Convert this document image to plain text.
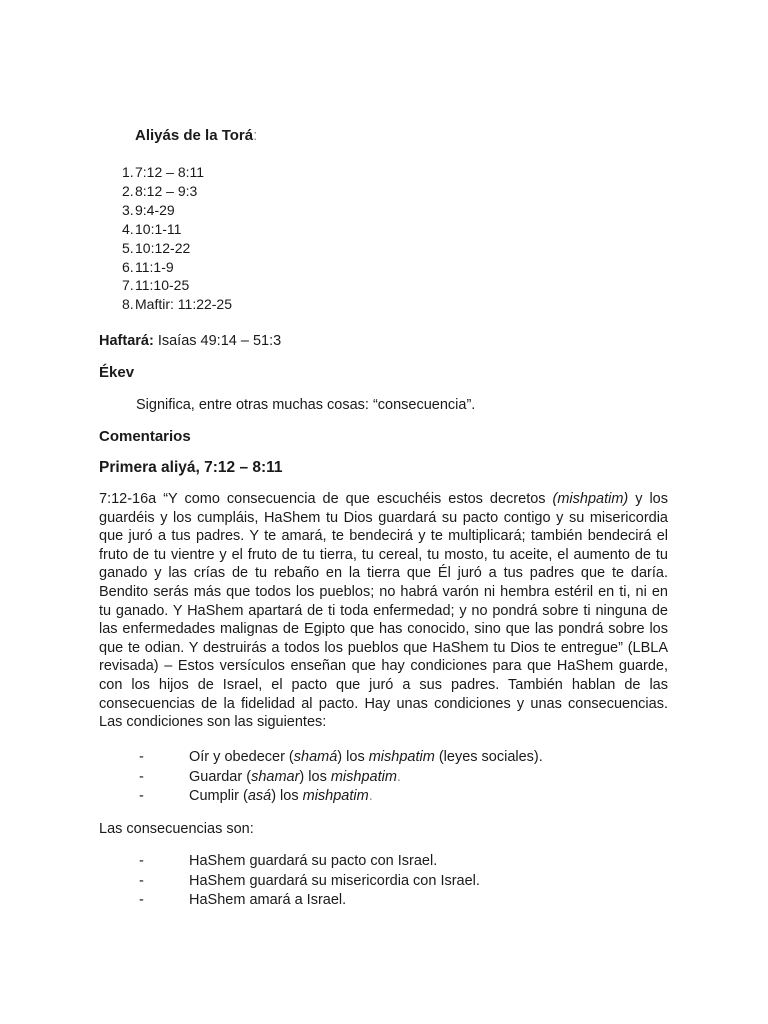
Aliyás de la Torá:
1.7:12 – 8:11
2.8:12 – 9:3
3.9:4-29
4.10:1-11
5.10:12-22
6.11:1-9
7.11:10-25
8.Maftir: 11:22-25
Haftará: Isaías 49:14 – 51:3
Ékev
Significa, entre otras muchas cosas: “consecuencia”.
Comentarios
Primera aliyá, 7:12 – 8:11

7:12-16a “Y como consecuencia de que escuchéis estos decretos (mishpatim) y los guardéis y los cumpláis, HaShem tu Dios guardará su pacto contigo y su misericordia que juró a tus padres. Y te amará, te bendecirá y te multiplicará; también bendecirá el fruto de tu vientre y el fruto de tu tierra, tu cereal, tu mosto, tu aceite, el aumento de tu ganado y las crías de tu rebaño en la tierra que Él juró a tus padres que te daría. Bendito serás más que todos los pueblos; no habrá varón ni hembra estéril en ti, ni en tu ganado. Y HaShem apartará de ti toda enfermedad; y no pondrá sobre ti ninguna de las enfermedades malignas de Egipto que has conocido, sino que las pondrá sobre los que te odian. Y destruirás a todos los pueblos que HaShem tu Dios te entregue” (LBLA revisada) – Estos versículos enseñan que hay condiciones para que HaShem guarde, con los hijos de Israel, el pacto que juró a sus padres. También hablan de las consecuencias de la fidelidad al pacto. Hay unas condiciones y unas consecuencias. Las condiciones son las siguientes:

-	Oír y obedecer (shamá) los mishpatim (leyes sociales).
-	Guardar (shamar) los mishpatim.
-	Cumplir (asá) los mishpatim.
Las consecuencias son:
-	HaShem guardará su pacto con Israel.
-	HaShem guardará su misericordia con Israel.
-	HaShem amará a Israel.
